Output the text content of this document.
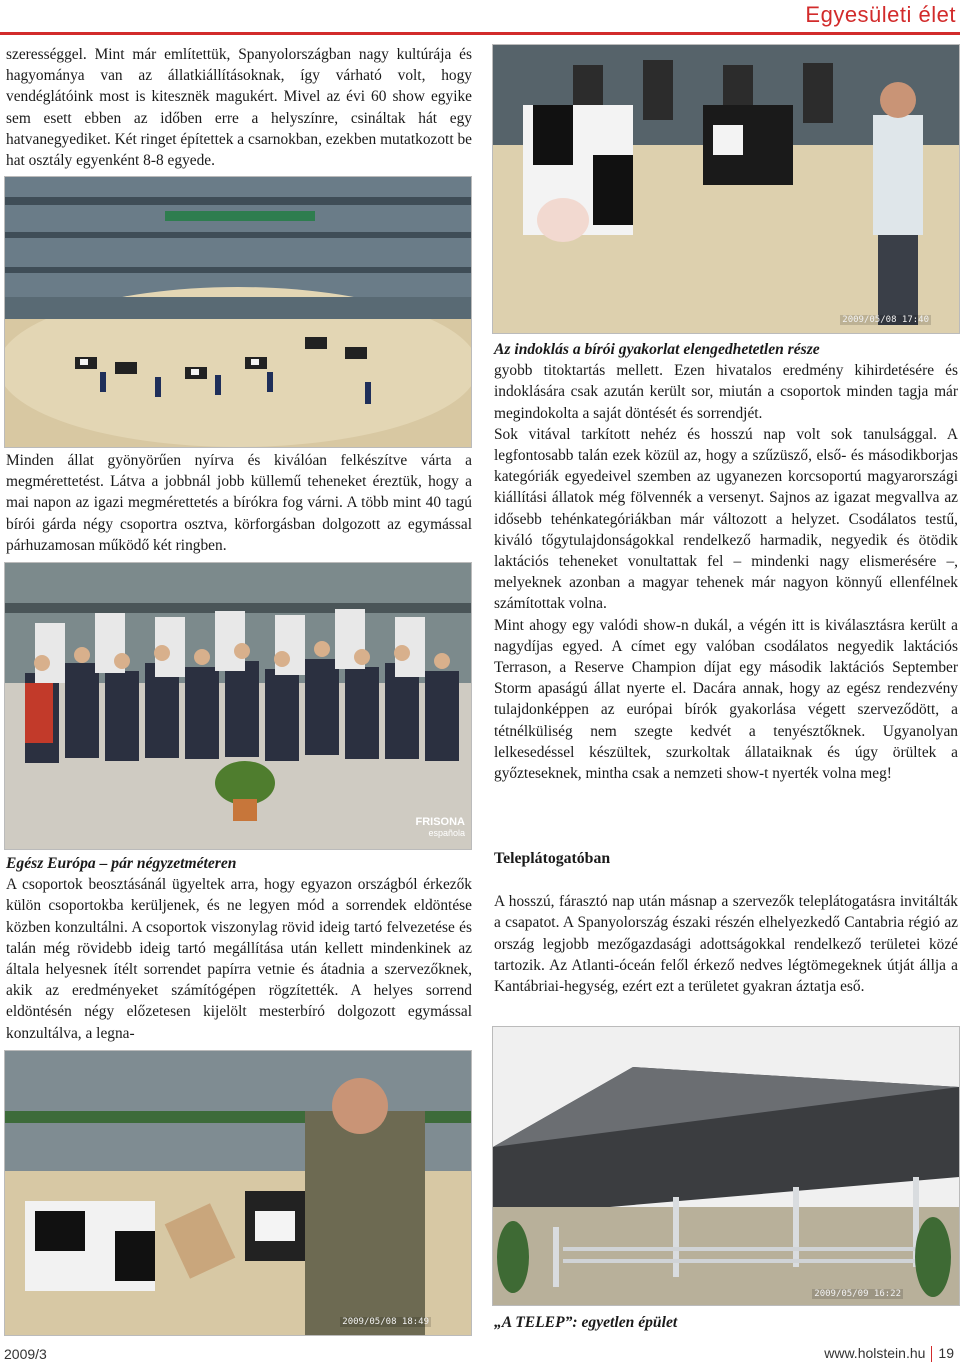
Egyesületi élet

szerességgel. Mint már említettük, Spanyolországban nagy kultúrája és hagyománya van az állatkiállításoknak, így várható volt, hogy vendéglátóink most is kitesznëk magukért. Mivel az évi 60 show egyike sem esett ebben az időben erre a helyszínre, csináltak hát egy hatvanegyediket. Két ringet építettek a csarnokban, ezekben mutatkozott be hat osztály egyenként 8-8 egyede.

Minden állat gyönyörűen nyírva és kiválóan felkészítve várta a megmérettetést. Látva a jobbnál jobb küllemű teheneket éreztük, hogy a mai napon az igazi megmérettetés a bírókra fog várni. A több mint 40 tagú bírói gárda négy csoportra osztva, körforgásban dolgozott az egymással párhuzamosan működő két ringben.

FRISONA
española

Egész Európa – pár négyzetméteren

A csoportok beosztásánál ügyeltek arra, hogy egyazon országból érkezők külön csoportokba kerüljenek, és ne legyen mód a sorrendek eldöntése közben konzultálni. A csoportok viszonylag rövid ideig tartó felvezetése és talán még rövidebb ideig tartó megállítása után kellett mindenkinek az általa helyesnek ítélt sorrendet papírra vetnie és átadnia a szervezőknek, akik az eredményeket számítógépen rögzítették. A helyes sorrend eldöntésén négy előzetesen kijelölt mesterbíró dolgozott egymással konzultálva, a legna-

2009/05/08 18:49
2009/05/08 17:40

Az indoklás a bírói gyakorlat elengedhetetlen része

gyobb titoktartás mellett. Ezen hivatalos eredmény kihirdetésére és indoklására csak azután került sor, miután a csoportok minden tagja már megindokolta a saját döntését és sorrendjét.

Sok vitával tarkított nehéz és hosszú nap volt sok tanulsággal. A legfontosabb talán ezek közül az, hogy a szűzüsző, első- és másodikborjas kategóriák egyedeivel szemben az ugyanezen korcsoportú magyarországi kiállítási állatok még fölvennék a versenyt. Sajnos az igazat megvallva az idősebb tehénkategóriákban már változott a helyzet. Csodálatos testű, kiváló tőgytulajdonságokkal rendelkező harmadik, negyedik és ötödik laktációs teheneket vonultattak fel – mindenki nagy elismerésére –, melyeknek azonban a magyar tehenek már nagyon könnyű ellenfélnek számítottak volna.

Mint ahogy egy valódi show-n dukál, a végén itt is kiválasztásra került a nagydíjas egyed. A címet egy valóban csodálatos negyedik laktációs Terrason, a Reserve Champion díjat egy második laktációs September Storm apaságú állat nyerte el. Dacára annak, hogy az egész rendezvény tulajdonképpen az európai bírók gyakorlása végett szerveződött, a tétnélküliség nem szegte kedvét a tenyésztőknek. Ugyanolyan lelkesedéssel készültek, szurkoltak állataiknak és úgy örültek a győzteseknek, mintha csak a nemzeti show-t nyerték volna meg!

Teleplátogatóban

A hosszú, fárasztó nap után másnap a szervezők teleplátogatásra invitálták a csapatot. A Spanyolország északi részén elhelyezkedő Cantabria régió az ország legjobb mezőgazdasági adottságokkal rendelkező területei közé tartozik. Az Atlanti-óceán felől érkező nedves légtömegeknek útját állja a Kantábriai-hegység, ezért ezt a területet gyakran áztatja eső.

2009/05/09 16:22

„A TELEP”: egyetlen épület

2009/3	www.holstein.hu 19
